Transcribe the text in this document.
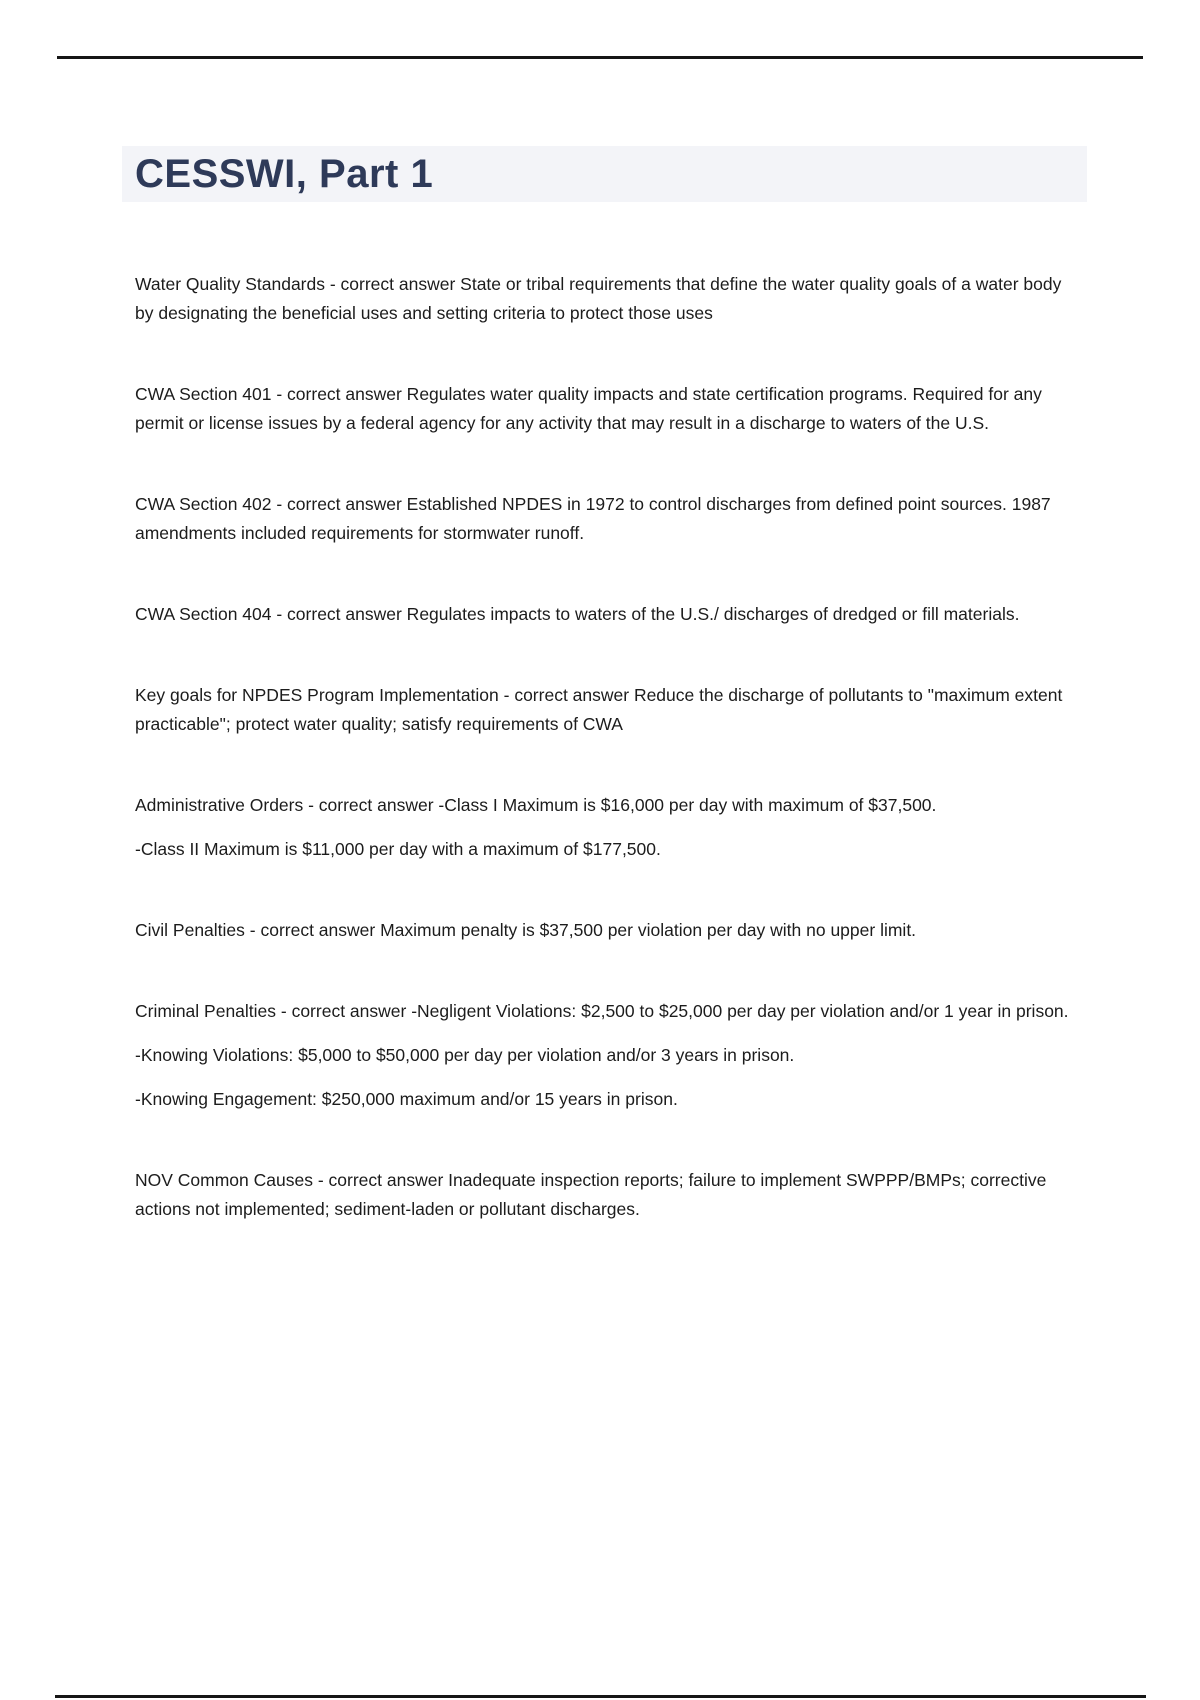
CESSWI, Part 1

Water Quality Standards - correct answer State or tribal requirements that define the water quality goals of a water body by designating the beneficial uses and setting criteria to protect those uses

CWA Section 401 - correct answer Regulates water quality impacts and state certification programs. Required for any permit or license issues by a federal agency for any activity that may result in a discharge to waters of the U.S.

CWA Section 402 - correct answer Established NPDES in 1972 to control discharges from defined point sources. 1987 amendments included requirements for stormwater runoff.

CWA Section 404 - correct answer Regulates impacts to waters of the U.S./ discharges of dredged or fill materials.

Key goals for NPDES Program Implementation - correct answer Reduce the discharge of pollutants to "maximum extent practicable"; protect water quality; satisfy requirements of CWA

Administrative Orders - correct answer -Class I Maximum is $16,000 per day with maximum of $37,500.

-Class II Maximum is $11,000 per day with a maximum of $177,500.

Civil Penalties - correct answer Maximum penalty is $37,500 per violation per day with no upper limit.

Criminal Penalties - correct answer -Negligent Violations: $2,500 to $25,000 per day per violation and/or 1 year in prison.

-Knowing Violations: $5,000 to $50,000 per day per violation and/or 3 years in prison.

-Knowing Engagement: $250,000 maximum and/or 15 years in prison.

NOV Common Causes - correct answer Inadequate inspection reports; failure to implement SWPPP/BMPs; corrective actions not implemented; sediment-laden or pollutant discharges.
